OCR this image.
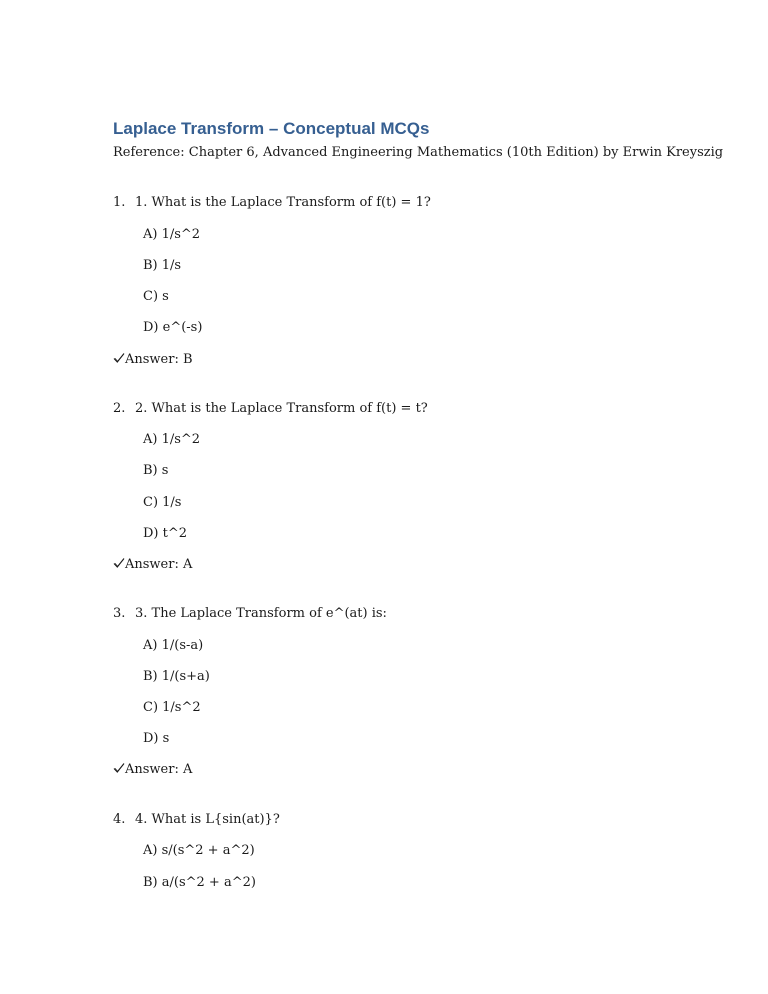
Laplace Transform – Conceptual MCQs
Reference: Chapter 6, Advanced Engineering Mathematics (10th Edition) by Erwin Kreyszig
1. 1. What is the Laplace Transform of f(t) = 1?
A) 1/s^2
B) 1/s
C) s
D) e^(-s)
Answer: B
2. 2. What is the Laplace Transform of f(t) = t?
A) 1/s^2
B) s
C) 1/s
D) t^2
Answer: A
3. 3. The Laplace Transform of e^(at) is:
A) 1/(s-a)
B) 1/(s+a)
C) 1/s^2
D) s
Answer: A
4. 4. What is L{sin(at)}?
A) s/(s^2 + a^2)
B) a/(s^2 + a^2)
